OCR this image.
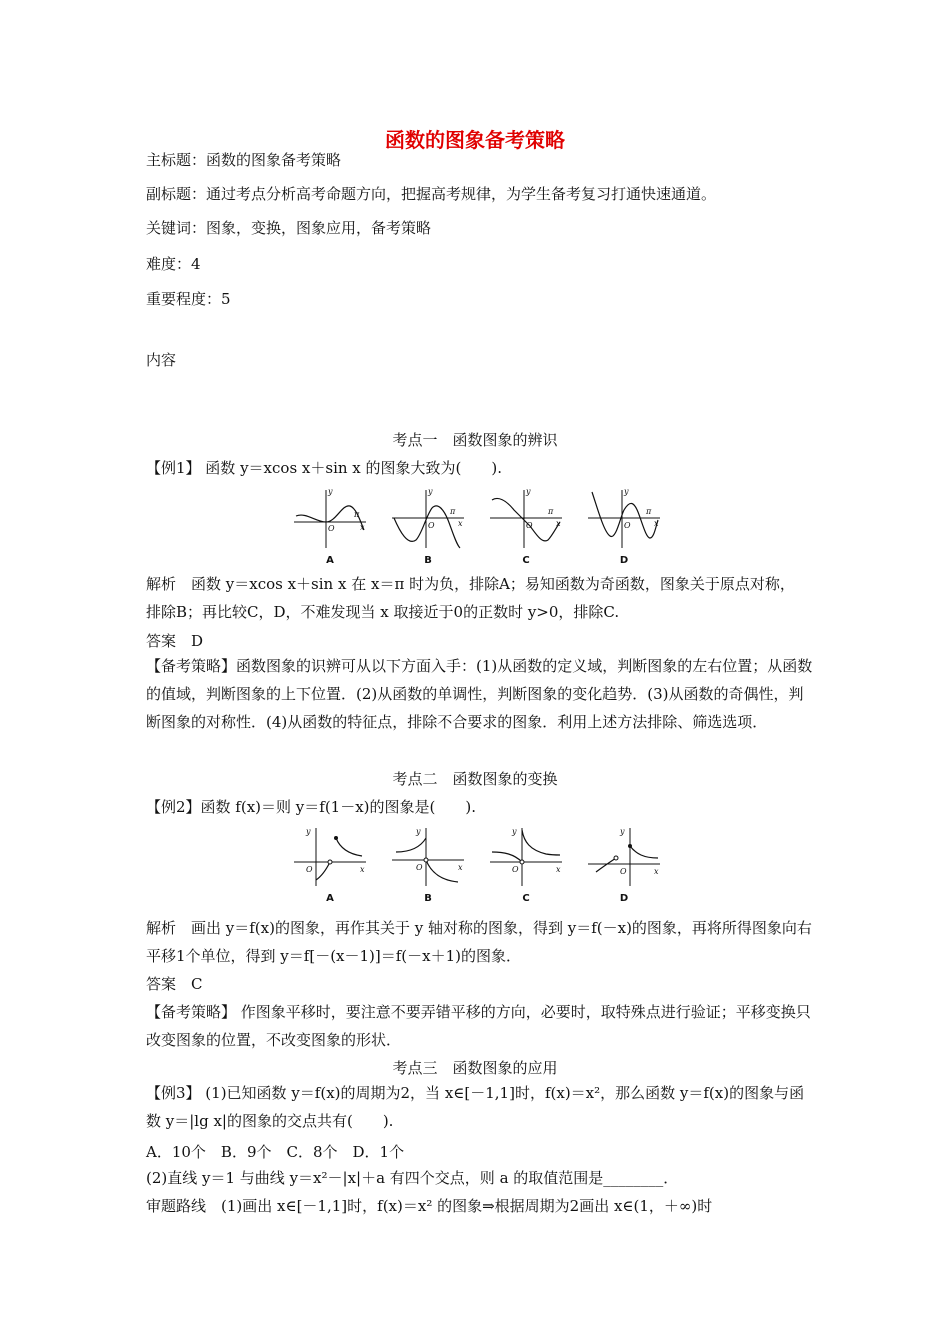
函数的图象备考策略
主标题：函数的图象备考策略
副标题：通过考点分析高考命题方向，把握高考规律，为学生备考复习打通快速通道。
关键词：图象，变换，图象应用，备考策略
难度：4
重要程度：5
内容
考点一　函数图象的辨识
【例1】 函数 y＝xcos x＋sin x 的图象大致为(　　).
y
O	x
π
A
y
O	x
π
B
y
O	x
π
C
y
O	x
π
D
解析　函数 y＝xcos x＋sin x 在 x＝π 时为负，排除A；易知函数为奇函数，图象关于原点对称， 排除B；再比较C，D，不难发现当 x 取接近于0的正数时 y>0，排除C.
答案　D
【备考策略】函数图象的识辨可从以下方面入手：(1)从函数的定义域，判断图象的左右位置；从函数的值域，判断图象的上下位置．(2)从函数的单调性，判断图象的变化趋势．(3)从函数的奇偶性，判断图象的对称性．(4)从函数的特征点，排除不合要求的图象．利用上述方法排除、筛选选项．
考点二　函数图象的变换
【例2】函数 f(x)＝则 y＝f(1－x)的图象是(　　).
y
O	x
A
y
O	x
B
y
O	x
C
y
O	x
D
解析　画出 y＝f(x)的图象，再作其关于 y 轴对称的图象，得到 y＝f(－x)的图象，再将所得图象向右平移1个单位，得到 y＝f[－(x－1)]＝f(－x＋1)的图象．
答案　C
【备考策略】 作图象平移时，要注意不要弄错平移的方向，必要时，取特殊点进行验证；平移变换只改变图象的位置，不改变图象的形状．
考点三　函数图象的应用
【例3】 (1)已知函数 y＝f(x)的周期为2，当 x∈[－1,1]时，f(x)＝x²，那么函数 y＝f(x)的图象与函数 y＝|lg x|的图象的交点共有(　　).
A．10个　B．9个　C．8个　D．1个
(2)直线 y＝1 与曲线 y＝x²－|x|＋a 有四个交点，则 a 的取值范围是________．
审题路线　(1)画出 x∈[－1,1]时，f(x)＝x² 的图象⇒根据周期为2画出 x∈(1，＋∞)时
